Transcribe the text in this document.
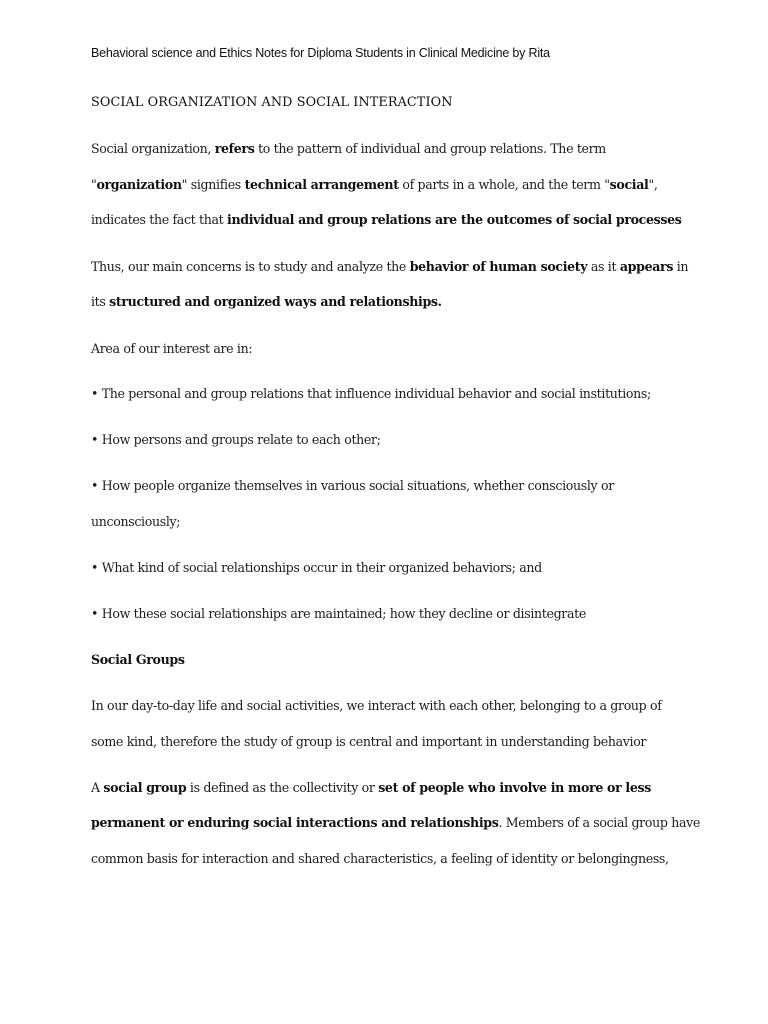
Behavioral science and Ethics Notes for Diploma Students in Clinical Medicine by Rita
SOCIAL ORGANIZATION AND SOCIAL INTERACTION
Social organization, refers to the pattern of individual and group relations. The term
"organization" signifies technical arrangement of parts in a whole, and the term "social",
indicates the fact that individual and group relations are the outcomes of social processes
Thus, our main concerns is to study and analyze the behavior of human society as it appears in
its structured and organized ways and relationships.
Area of our interest are in:
• The personal and group relations that influence individual behavior and social institutions;
• How persons and groups relate to each other;
• How people organize themselves in various social situations, whether consciously or
unconsciously;
• What kind of social relationships occur in their organized behaviors; and
• How these social relationships are maintained; how they decline or disintegrate
Social Groups
In our day-to-day life and social activities, we interact with each other, belonging to a group of
some kind, therefore the study of group is central and important in understanding behavior
A social group is defined as the collectivity or set of people who involve in more or less
permanent or enduring social interactions and relationships. Members of a social group have
common basis for interaction and shared characteristics, a feeling of identity or belongingness,
